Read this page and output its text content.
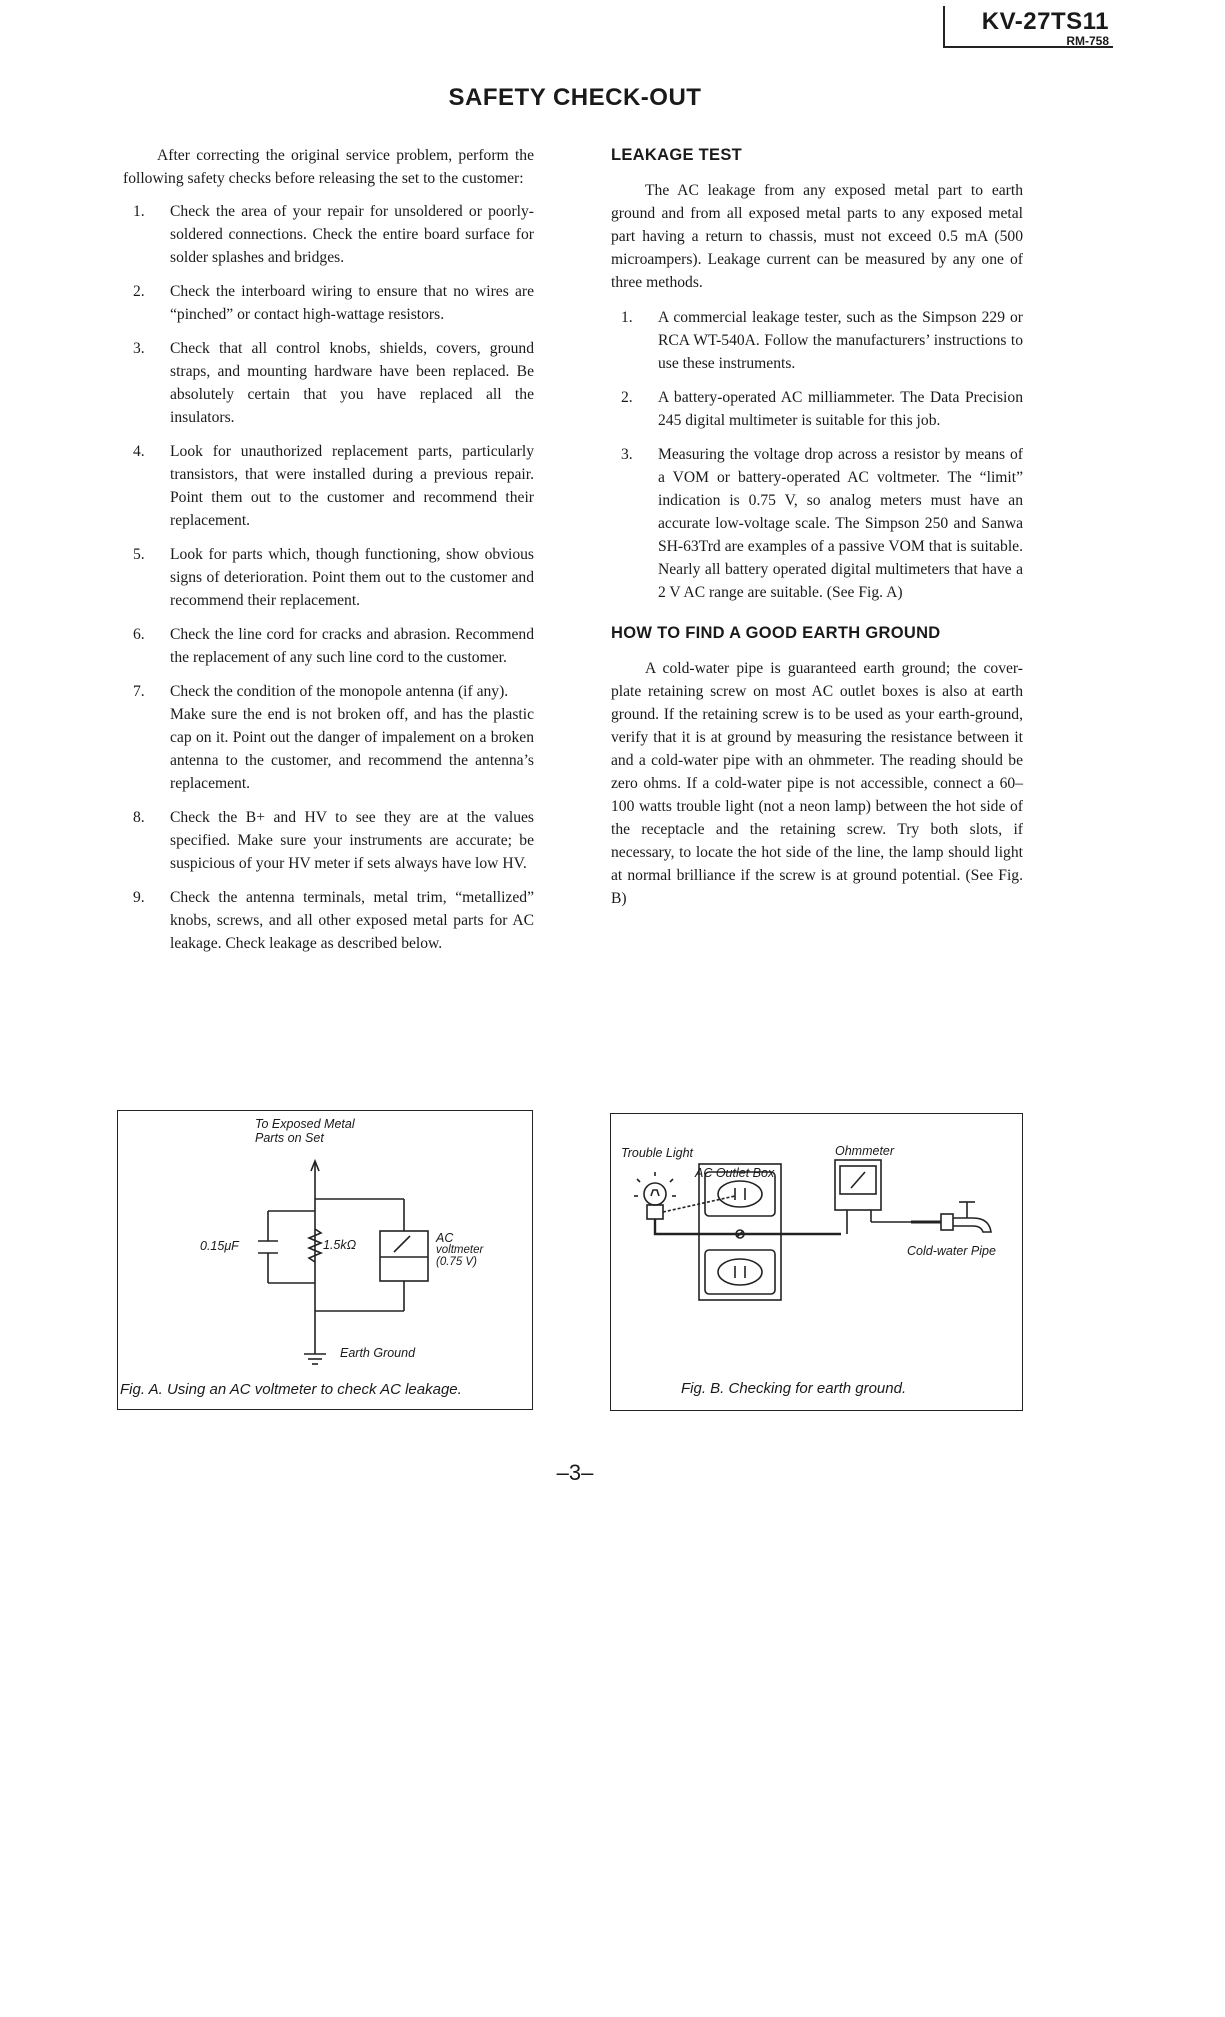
KV-27TS11
RM-758
SAFETY CHECK-OUT

After correcting the original service problem, perform the following safety checks before releasing the set to the customer:

1. Check the area of your repair for unsoldered or poorly-soldered connections. Check the entire board surface for solder splashes and bridges.
2. Check the interboard wiring to ensure that no wires are “pinched” or contact high-wattage resistors.
3. Check that all control knobs, shields, covers, ground straps, and mounting hardware have been replaced. Be absolutely certain that you have replaced all the insulators.
4. Look for unauthorized replacement parts, particularly transistors, that were installed during a previous repair. Point them out to the customer and recommend their replacement.
5. Look for parts which, though functioning, show obvious signs of deterioration. Point them out to the customer and recommend their replacement.
6. Check the line cord for cracks and abrasion. Recommend the replacement of any such line cord to the customer.
7. Check the condition of the monopole antenna (if any).
Make sure the end is not broken off, and has the plastic cap on it. Point out the danger of impalement on a broken antenna to the customer, and recommend the antenna’s replacement.
8. Check the B+ and HV to see they are at the values specified. Make sure your instruments are accurate; be suspicious of your HV meter if sets always have low HV.
9. Check the antenna terminals, metal trim, “metallized” knobs, screws, and all other exposed metal parts for AC leakage. Check leakage as described below.
LEAKAGE TEST

The AC leakage from any exposed metal part to earth ground and from all exposed metal parts to any exposed metal part having a return to chassis, must not exceed 0.5 mA (500 microampers). Leakage current can be measured by any one of three methods.

1. A commercial leakage tester, such as the Simpson 229 or RCA WT-540A. Follow the manufacturers’ instructions to use these instruments.
2. A battery-operated AC milliammeter. The Data Precision 245 digital multimeter is suitable for this job.
3. Measuring the voltage drop across a resistor by means of a VOM or battery-operated AC voltmeter. The “limit” indication is 0.75 V, so analog meters must have an accurate low-voltage scale. The Simpson 250 and Sanwa SH-63Trd are examples of a passive VOM that is suitable. Nearly all battery operated digital multimeters that have a 2 V AC range are suitable. (See Fig. A)
HOW TO FIND A GOOD EARTH GROUND

A cold-water pipe is guaranteed earth ground; the cover-plate retaining screw on most AC outlet boxes is also at earth ground. If the retaining screw is to be used as your earth-ground, verify that it is at ground by measuring the resistance between it and a cold-water pipe with an ohmmeter. The reading should be zero ohms. If a cold-water pipe is not accessible, connect a 60–100 watts trouble light (not a neon lamp) between the hot side of the receptacle and the retaining screw. Try both slots, if necessary, to locate the hot side of the line, the lamp should light at normal brilliance if the screw is at ground potential. (See Fig. B)

To Exposed Metal
Parts on Set
0.15μF	1.5kΩ	AC
voltmeter
(0.75 V)
Earth Ground
Fig. A. Using an AC voltmeter to check AC leakage.
Trouble Light
AC Outlet Box
Ohmmeter
Cold-water Pipe
Fig. B. Checking for earth ground.
–3–
